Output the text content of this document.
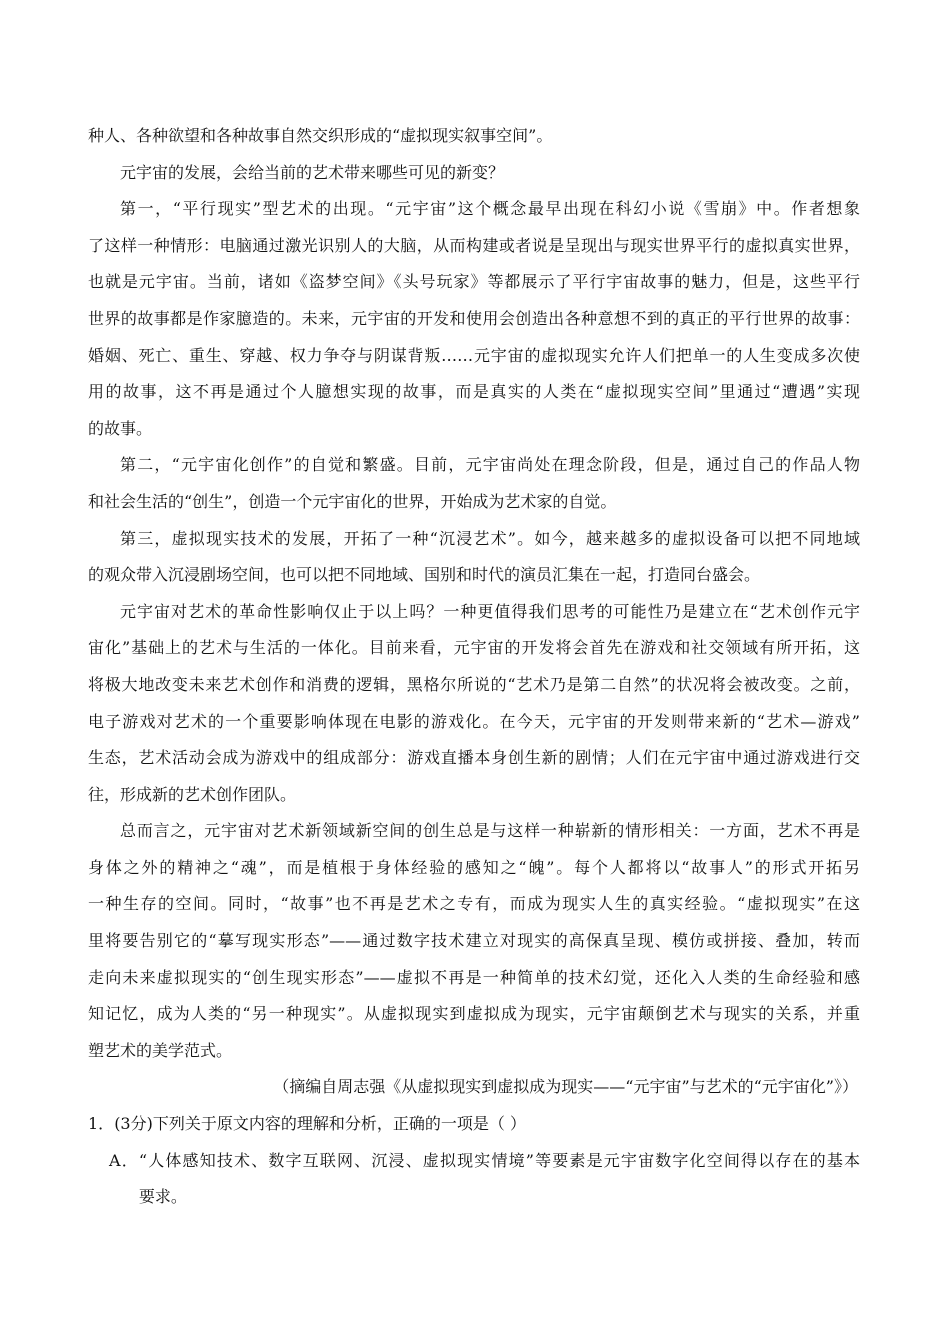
种人、各种欲望和各种故事自然交织形成的“虚拟现实叙事空间”。
元宇宙的发展，会给当前的艺术带来哪些可见的新变？
第一，“平行现实”型艺术的出现。“元宇宙”这个概念最早出现在科幻小说《雪崩》中。作者想象
了这样一种情形：电脑通过激光识别人的大脑，从而构建或者说是呈现出与现实世界平行的虚拟真实世界，
也就是元宇宙。当前，诸如《盗梦空间》《头号玩家》等都展示了平行宇宙故事的魅力，但是，这些平行
世界的故事都是作家臆造的。未来，元宇宙的开发和使用会创造出各种意想不到的真正的平行世界的故事：
婚姻、死亡、重生、穿越、权力争夺与阴谋背叛……元宇宙的虚拟现实允许人们把单一的人生变成多次使
用的故事，这不再是通过个人臆想实现的故事，而是真实的人类在“虚拟现实空间”里通过“遭遇”实现
的故事。
第二，“元宇宙化创作”的自觉和繁盛。目前，元宇宙尚处在理念阶段，但是，通过自己的作品人物
和社会生活的“创生”，创造一个元宇宙化的世界，开始成为艺术家的自觉。
第三，虚拟现实技术的发展，开拓了一种“沉浸艺术”。如今，越来越多的虚拟设备可以把不同地域
的观众带入沉浸剧场空间，也可以把不同地域、国别和时代的演员汇集在一起，打造同台盛会。
元宇宙对艺术的革命性影响仅止于以上吗？一种更值得我们思考的可能性乃是建立在“艺术创作元宇
宙化”基础上的艺术与生活的一体化。目前来看，元宇宙的开发将会首先在游戏和社交领域有所开拓，这
将极大地改变未来艺术创作和消费的逻辑，黑格尔所说的“艺术乃是第二自然”的状况将会被改变。之前，
电子游戏对艺术的一个重要影响体现在电影的游戏化。在今天，元宇宙的开发则带来新的“艺术—游戏”
生态，艺术活动会成为游戏中的组成部分：游戏直播本身创生新的剧情；人们在元宇宙中通过游戏进行交
往，形成新的艺术创作团队。
总而言之，元宇宙对艺术新领域新空间的创生总是与这样一种崭新的情形相关：一方面，艺术不再是
身体之外的精神之“魂”，而是植根于身体经验的感知之“魄”。每个人都将以“故事人”的形式开拓另
一种生存的空间。同时，“故事”也不再是艺术之专有，而成为现实人生的真实经验。“虚拟现实”在这
里将要告别它的“摹写现实形态”——通过数字技术建立对现实的高保真呈现、模仿或拼接、叠加，转而
走向未来虚拟现实的“创生现实形态”——虚拟不再是一种简单的技术幻觉，还化入人类的生命经验和感
知记忆，成为人类的“另一种现实”。从虚拟现实到虚拟成为现实，元宇宙颠倒艺术与现实的关系，并重
塑艺术的美学范式。
（摘编自周志强《从虚拟现实到虚拟成为现实——“元宇宙”与艺术的“元宇宙化”》）
1．(3分)下列关于原文内容的理解和分析，正确的一项是（ ）
A．“人体感知技术、数字互联网、沉浸、虚拟现实情境”等要素是元宇宙数字化空间得以存在的基本
要求。
